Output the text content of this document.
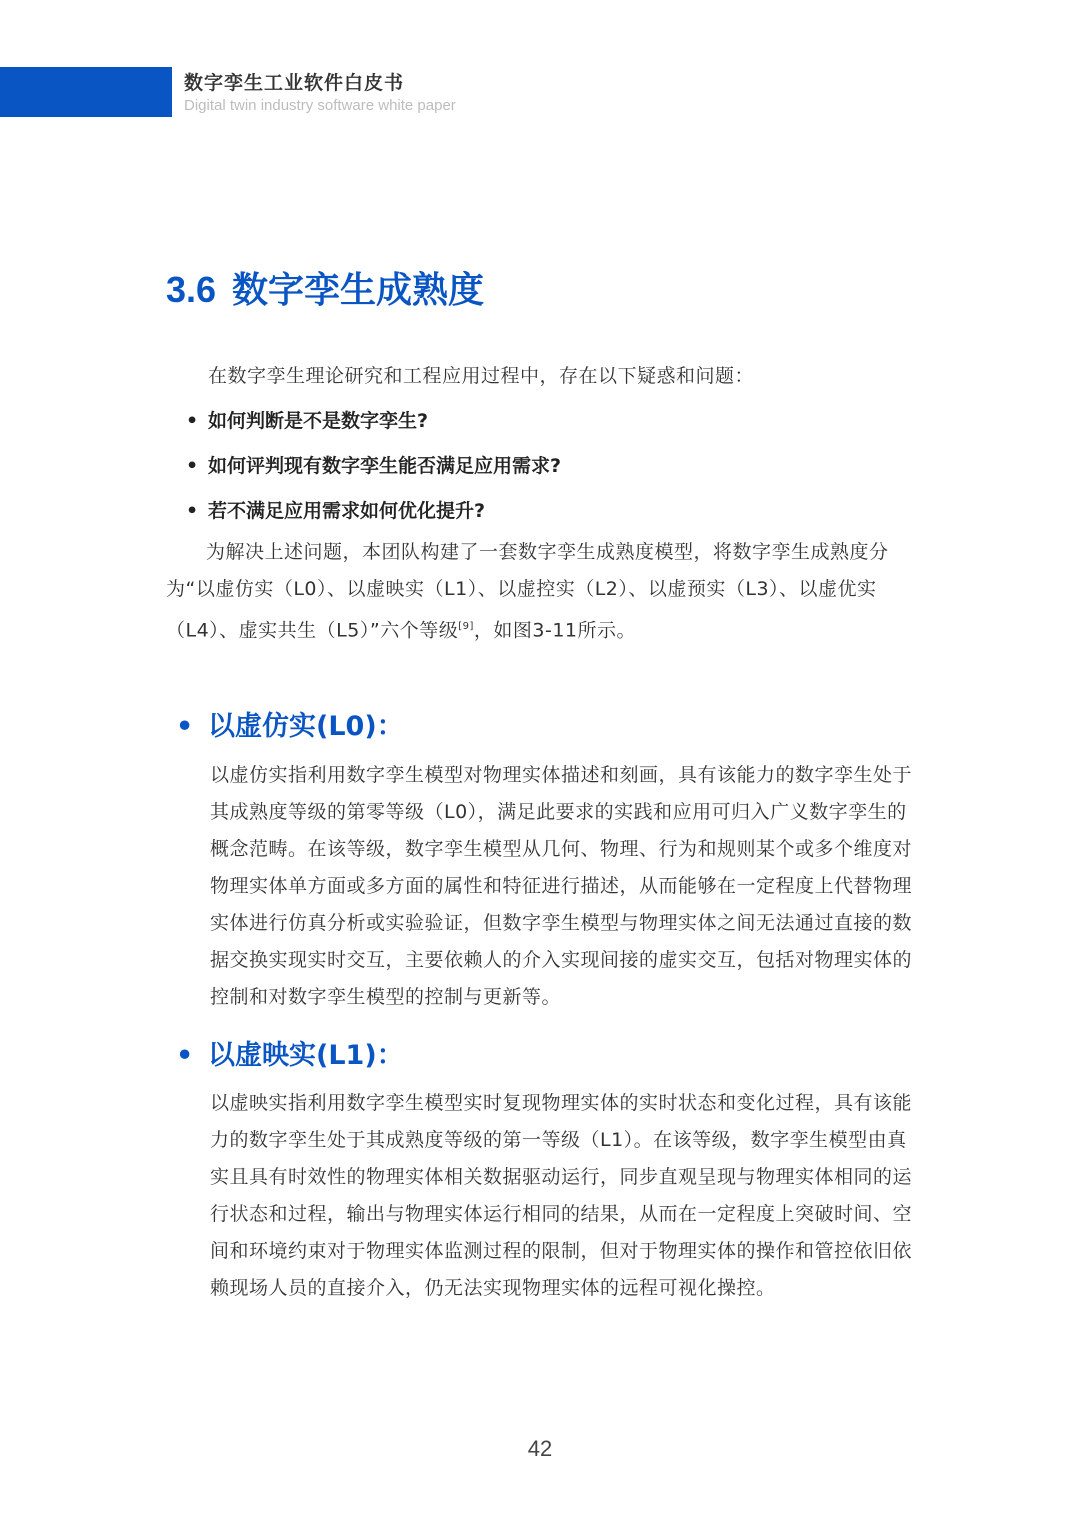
数字孪生工业软件白皮书
Digital twin industry software white paper
3.6 数字孪生成熟度
在数字孪生理论研究和工程应用过程中，存在以下疑惑和问题：
• 如何判断是不是数字孪生?
• 如何评判现有数字孪生能否满足应用需求?
• 若不满足应用需求如何优化提升?
为解决上述问题，本团队构建了一套数字孪生成熟度模型，将数字孪生成熟度分为“以虚仿实（L0）、以虚映实（L1）、以虚控实（L2）、以虚预实（L3）、以虚优实（L4）、虚实共生（L5）”六个等级[9]，如图3-11所示。
• 以虚仿实(L0)：
以虚仿实指利用数字孪生模型对物理实体描述和刻画，具有该能力的数字孪生处于其成熟度等级的第零等级（L0），满足此要求的实践和应用可归入广义数字孪生的概念范畴。在该等级，数字孪生模型从几何、物理、行为和规则某个或多个维度对物理实体单方面或多方面的属性和特征进行描述，从而能够在一定程度上代替物理实体进行仿真分析或实验验证，但数字孪生模型与物理实体之间无法通过直接的数据交换实现实时交互，主要依赖人的介入实现间接的虚实交互，包括对物理实体的控制和对数字孪生模型的控制与更新等。
• 以虚映实(L1)：
以虚映实指利用数字孪生模型实时复现物理实体的实时状态和变化过程，具有该能力的数字孪生处于其成熟度等级的第一等级（L1）。在该等级，数字孪生模型由真实且具有时效性的物理实体相关数据驱动运行，同步直观呈现与物理实体相同的运行状态和过程，输出与物理实体运行相同的结果，从而在一定程度上突破时间、空间和环境约束对于物理实体监测过程的限制，但对于物理实体的操作和管控依旧依赖现场人员的直接介入，仍无法实现物理实体的远程可视化操控。
42
